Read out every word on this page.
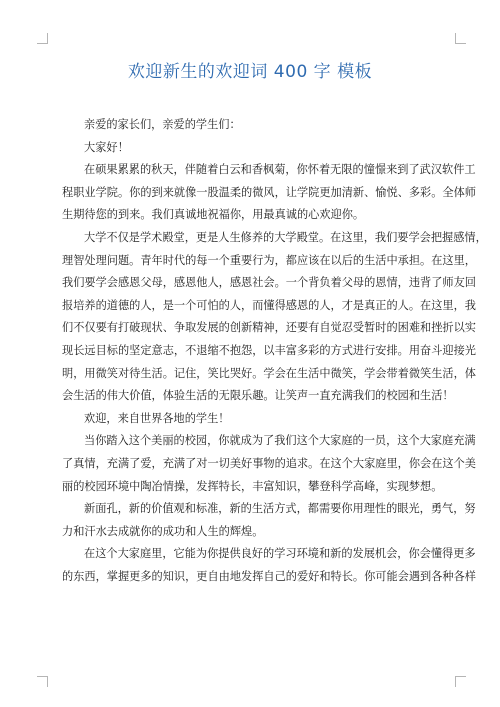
欢迎新生的欢迎词 400 字 模板
亲爱的家长们，亲爱的学生们：
大家好！
在硕果累累的秋天，伴随着白云和香枫菊，你怀着无限的憧憬来到了武汉软件工
程职业学院。你的到来就像一股温柔的微风，让学院更加清新、愉悦、多彩。全体师
生期待您的到来。我们真诚地祝福你，用最真诚的心欢迎你。
大学不仅是学术殿堂，更是人生修养的大学殿堂。在这里，我们要学会把握感情，
理智处理问题。青年时代的每一个重要行为，都应该在以后的生活中承担。在这里，
我们要学会感恩父母，感恩他人，感恩社会。一个背负着父母的恩情，违背了师友回
报培养的道德的人，是一个可怕的人，而懂得感恩的人，才是真正的人。在这里，我
们不仅要有打破现状、争取发展的创新精神，还要有自觉忍受暂时的困难和挫折以实
现长远目标的坚定意志，不退缩不抱怨，以丰富多彩的方式进行安排。用奋斗迎接光
明，用微笑对待生活。记住，笑比哭好。学会在生活中微笑，学会带着微笑生活，体
会生活的伟大价值，体验生活的无限乐趣。让笑声一直充满我们的校园和生活！
欢迎，来自世界各地的学生！
当你踏入这个美丽的校园，你就成为了我们这个大家庭的一员，这个大家庭充满
了真情，充满了爱，充满了对一切美好事物的追求。在这个大家庭里，你会在这个美
丽的校园环境中陶冶情操，发挥特长，丰富知识，攀登科学高峰，实现梦想。
新面孔，新的价值观和标准，新的生活方式，都需要你用理性的眼光，勇气，努
力和汗水去成就你的成功和人生的辉煌。
在这个大家庭里，它能为你提供良好的学习环境和新的发展机会，你会懂得更多
的东西，掌握更多的知识，更自由地发挥自己的爱好和特长。你可能会遇到各种各样
